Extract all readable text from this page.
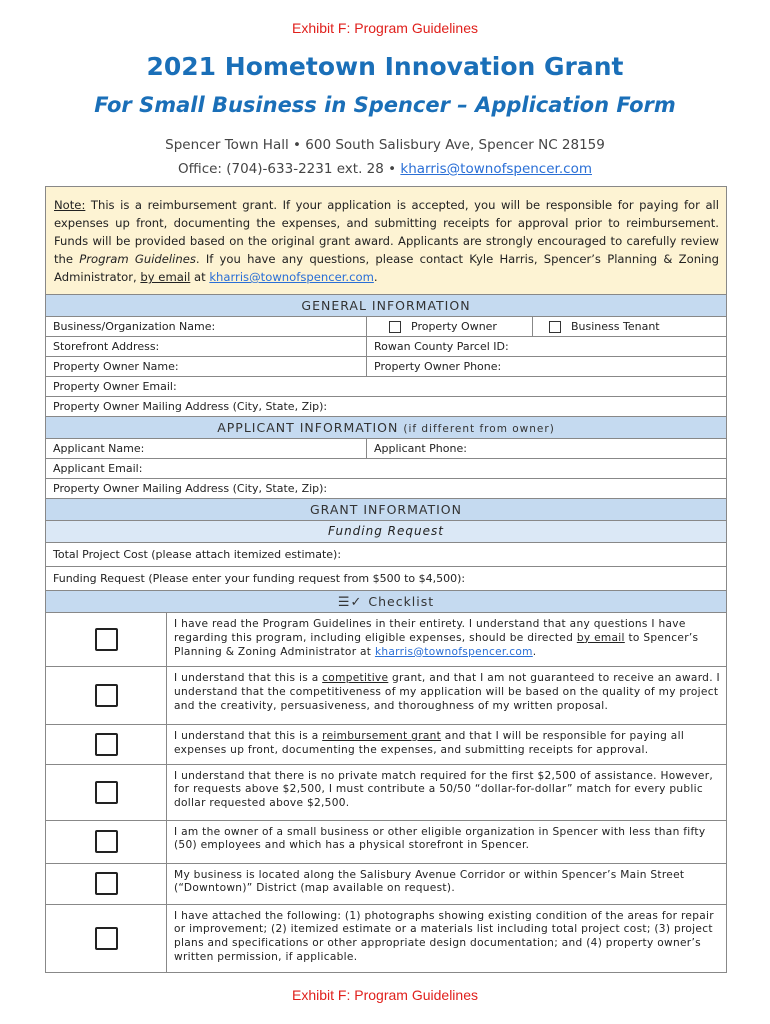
Exhibit F: Program Guidelines
2021 Hometown Innovation Grant
For Small Business in Spencer – Application Form
Spencer Town Hall • 600 South Salisbury Ave, Spencer NC 28159
Office: (704)-633-2231 ext. 28 • kharris@townofspencer.com
Note: This is a reimbursement grant. If your application is accepted, you will be responsible for paying for all expenses up front, documenting the expenses, and submitting receipts for approval prior to reimbursement. Funds will be provided based on the original grant award. Applicants are strongly encouraged to carefully review the Program Guidelines. If you have any questions, please contact Kyle Harris, Spencer’s Planning & Zoning Administrator, by email at kharris@townofspencer.com.
GENERAL INFORMATION
Business/Organization Name:	Property Owner	Business Tenant
Storefront Address:	Rowan County Parcel ID:
Property Owner Name:	Property Owner Phone:
Property Owner Email:
Property Owner Mailing Address (City, State, Zip):
APPLICANT INFORMATION (if different from owner)
Applicant Name:	Applicant Phone:
Applicant Email:
Property Owner Mailing Address (City, State, Zip):
GRANT INFORMATION
Funding Request
Total Project Cost (please attach itemized estimate):
Funding Request (Please enter your funding request from $500 to $4,500):
☰✓ Checklist
I have read the Program Guidelines in their entirety. I understand that any questions I have regarding this program, including eligible expenses, should be directed by email to Spencer’s Planning & Zoning Administrator at kharris@townofspencer.com.
I understand that this is a competitive grant, and that I am not guaranteed to receive an award. I understand that the competitiveness of my application will be based on the quality of my project and the creativity, persuasiveness, and thoroughness of my written proposal.
I understand that this is a reimbursement grant and that I will be responsible for paying all expenses up front, documenting the expenses, and submitting receipts for approval.
I understand that there is no private match required for the first $2,500 of assistance. However, for requests above $2,500, I must contribute a 50/50 “dollar-for-dollar” match for every public dollar requested above $2,500.
I am the owner of a small business or other eligible organization in Spencer with less than fifty (50) employees and which has a physical storefront in Spencer.
My business is located along the Salisbury Avenue Corridor or within Spencer’s Main Street (“Downtown)” District (map available on request).
I have attached the following: (1) photographs showing existing condition of the areas for repair or improvement; (2) itemized estimate or a materials list including total project cost; (3) project plans and specifications or other appropriate design documentation; and (4) property owner’s written permission, if applicable.
Exhibit F: Program Guidelines
